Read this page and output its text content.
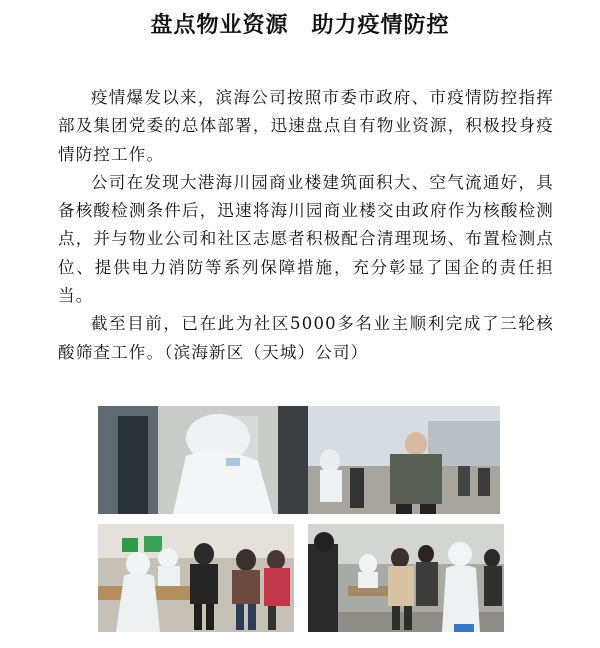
盘点物业资源　助力疫情防控

疫情爆发以来，滨海公司按照市委市政府、市疫情防控指挥部及集团党委的总体部署，迅速盘点自有物业资源，积极投身疫情防控工作。

公司在发现大港海川园商业楼建筑面积大、空气流通好，具备核酸检测条件后，迅速将海川园商业楼交由政府作为核酸检测点，并与物业公司和社区志愿者积极配合清理现场、布置检测点位、提供电力消防等系列保障措施，充分彰显了国企的责任担当。

截至目前，已在此为社区5000多名业主顺利完成了三轮核酸筛查工作。（滨海新区（天城）公司）
